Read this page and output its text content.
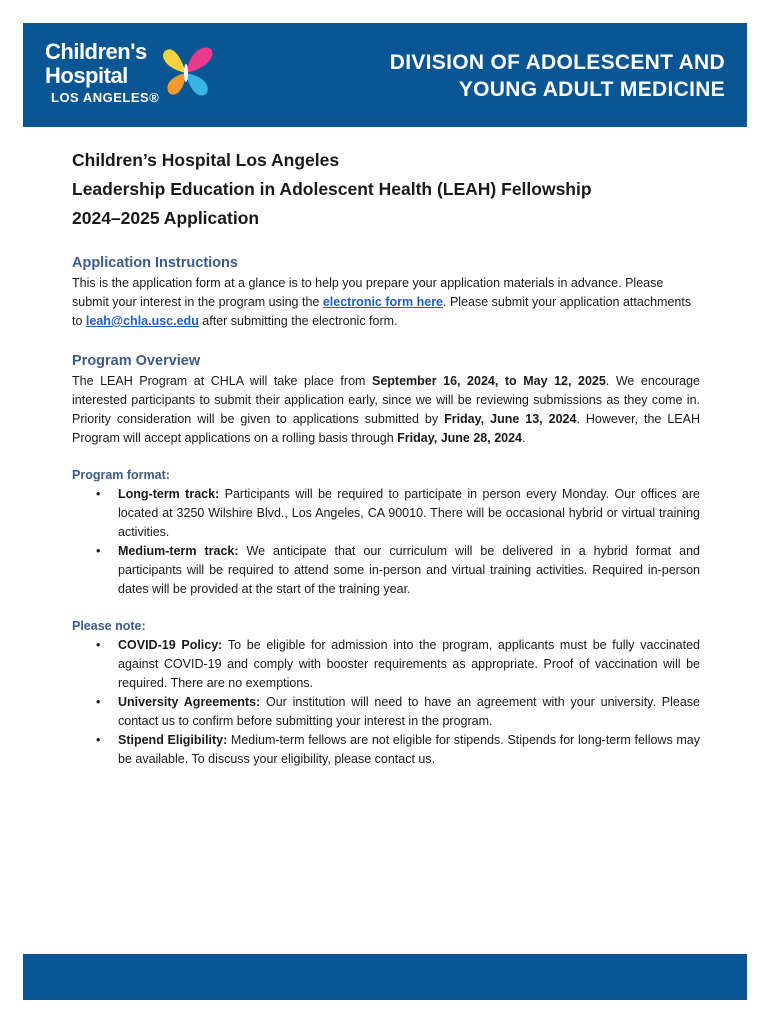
Children's
Hospital
LOS ANGELES®
DIVISION OF ADOLESCENT AND
YOUNG ADULT MEDICINE
Children’s Hospital Los Angeles
Leadership Education in Adolescent Health (LEAH) Fellowship
2024–2025 Application
Application Instructions

This is the application form at a glance is to help you prepare your application materials in advance. Please submit your interest in the program using the electronic form here. Please submit your application attachments to leah@chla.usc.edu after submitting the electronic form.

Program Overview

The LEAH Program at CHLA will take place from September 16, 2024, to May 12, 2025. We encourage interested participants to submit their application early, since we will be reviewing submissions as they come in. Priority consideration will be given to applications submitted by Friday, June 13, 2024. However, the LEAH Program will accept applications on a rolling basis through Friday, June 28, 2024.

Program format:
• Long-term track: Participants will be required to participate in person every Monday. Our offices are located at 3250 Wilshire Blvd., Los Angeles, CA 90010. There will be occasional hybrid or virtual training activities.
• Medium-term track: We anticipate that our curriculum will be delivered in a hybrid format and participants will be required to attend some in-person and virtual training activities. Required in-person dates will be provided at the start of the training year.
Please note:
• COVID-19 Policy: To be eligible for admission into the program, applicants must be fully vaccinated against COVID-19 and comply with booster requirements as appropriate. Proof of vaccination will be required. There are no exemptions.
• University Agreements: Our institution will need to have an agreement with your university. Please contact us to confirm before submitting your interest in the program.
• Stipend Eligibility: Medium-term fellows are not eligible for stipends. Stipends for long-term fellows may be available. To discuss your eligibility, please contact us.
